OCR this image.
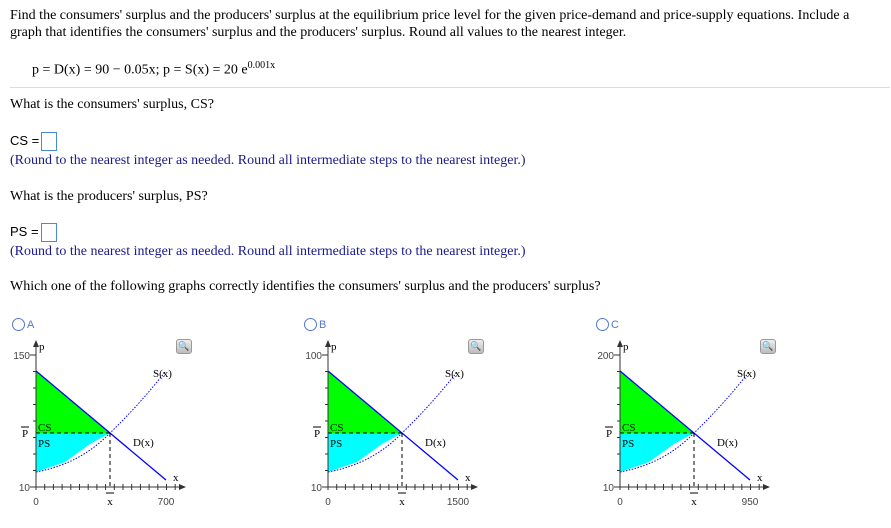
Find the consumers' surplus and the producers' surplus at the equilibrium price level for the given price-demand and price-supply equations. Include a graph that identifies the consumers' surplus and the producers' surplus. Round all values to the nearest integer.
p = D(x) = 90 − 0.05x; p = S(x) = 20 $e^{0.001x}$
What is the consumers' surplus, CS?
CS =
(Round to the nearest integer as needed. Round all intermediate steps to the nearest integer.)
What is the producers' surplus, PS?
PS =
(Round to the nearest integer as needed. Round all intermediate steps to the nearest integer.)
Which one of the following graphs correctly identifies the consumers' surplus and the producers' surplus?
A
p
150
10
0	700
x
P
S(x)
D(x)
x
CS
PS
🔍
B
p
100
10
0	1500
x
P
S(x)
D(x)
x
CS
PS
🔍
C
p
200
10
0	950
x
P
S(x)
D(x)
x
CS
PS
🔍
